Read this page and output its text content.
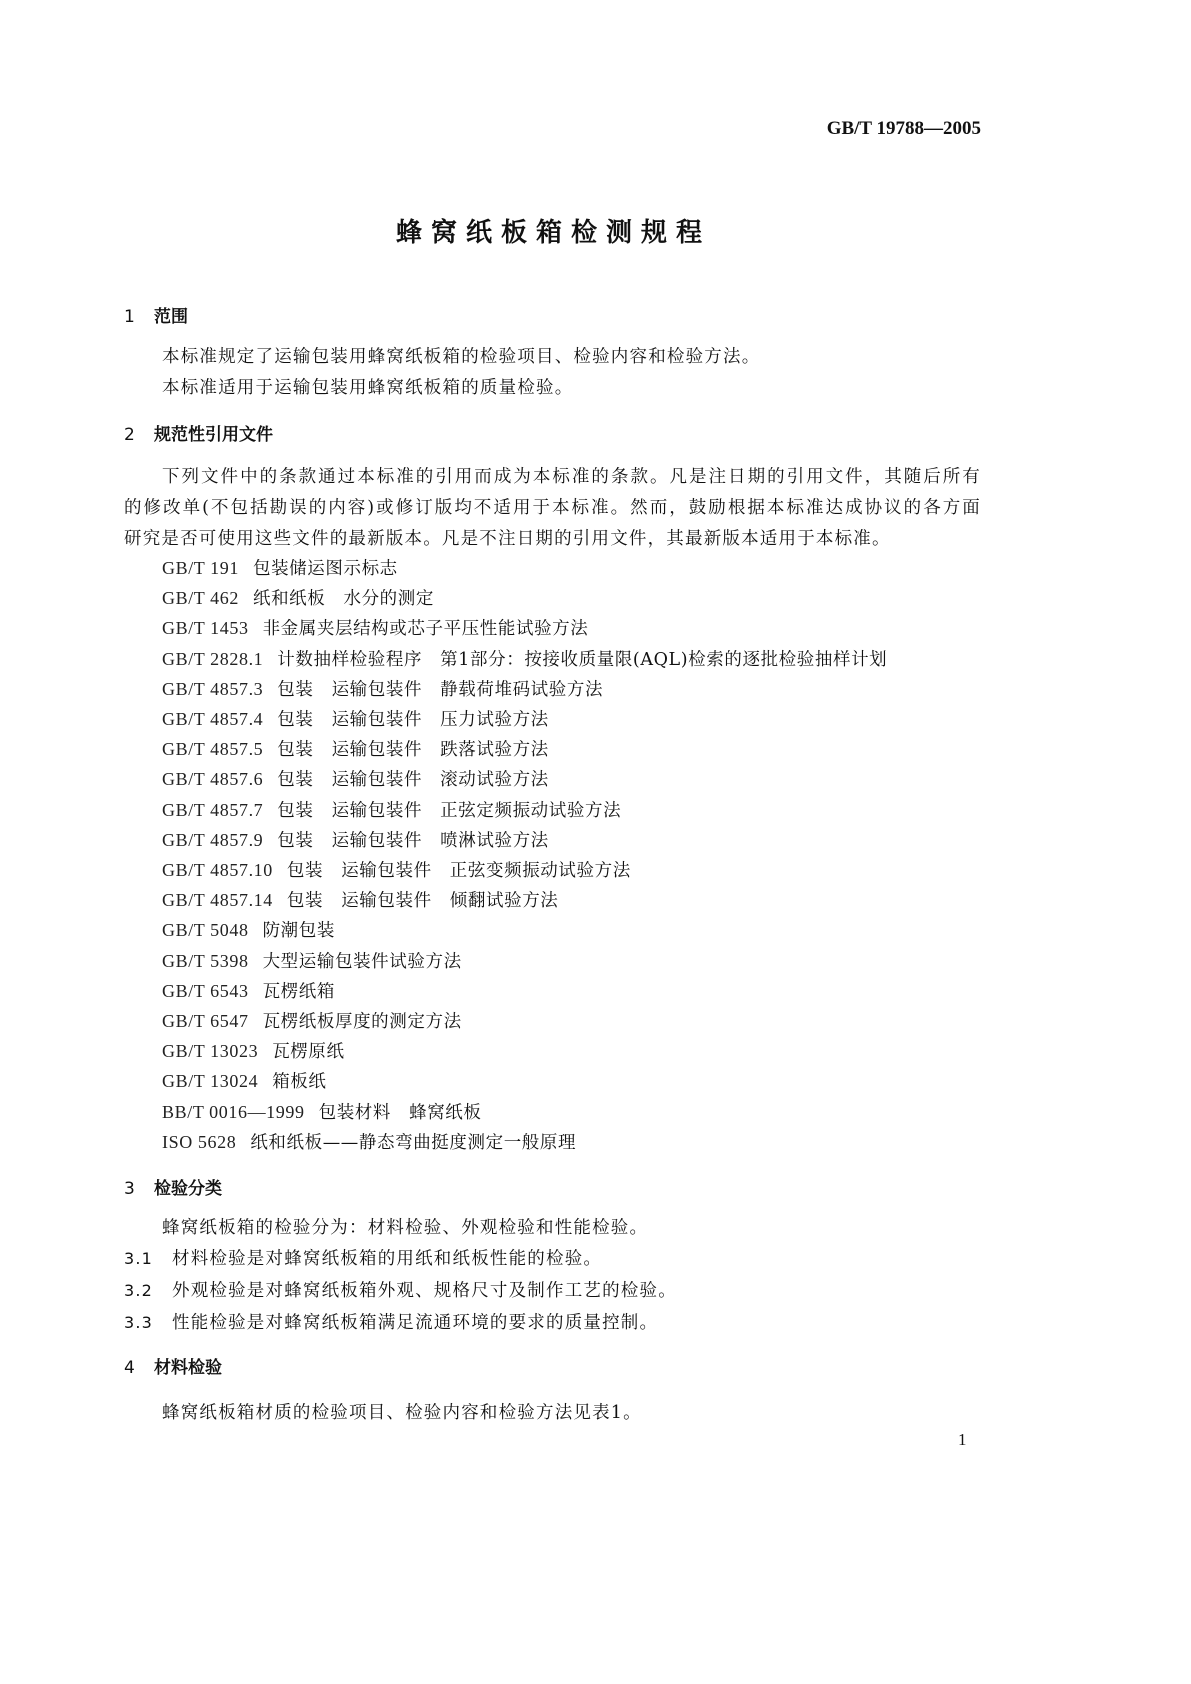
GB/T 19788—2005
蜂窝纸板箱检测规程
1 范围
本标准规定了运输包装用蜂窝纸板箱的检验项目、检验内容和检验方法。
本标准适用于运输包装用蜂窝纸板箱的质量检验。
2 规范性引用文件
下列文件中的条款通过本标准的引用而成为本标准的条款。凡是注日期的引用文件，其随后所有
的修改单(不包括勘误的内容)或修订版均不适用于本标准。然而，鼓励根据本标准达成协议的各方面
研究是否可使用这些文件的最新版本。凡是不注日期的引用文件，其最新版本适用于本标准。
GB/T 191 包装储运图示标志
GB/T 462 纸和纸板　水分的测定
GB/T 1453 非金属夹层结构或芯子平压性能试验方法
GB/T 2828.1 计数抽样检验程序　第1部分：按接收质量限(AQL)检索的逐批检验抽样计划
GB/T 4857.3 包装　运输包装件　静载荷堆码试验方法
GB/T 4857.4 包装　运输包装件　压力试验方法
GB/T 4857.5 包装　运输包装件　跌落试验方法
GB/T 4857.6 包装　运输包装件　滚动试验方法
GB/T 4857.7 包装　运输包装件　正弦定频振动试验方法
GB/T 4857.9 包装　运输包装件　喷淋试验方法
GB/T 4857.10 包装　运输包装件　正弦变频振动试验方法
GB/T 4857.14 包装　运输包装件　倾翻试验方法
GB/T 5048 防潮包装
GB/T 5398 大型运输包装件试验方法
GB/T 6543 瓦楞纸箱
GB/T 6547 瓦楞纸板厚度的测定方法
GB/T 13023 瓦楞原纸
GB/T 13024 箱板纸
BB/T 0016—1999 包装材料　蜂窝纸板
ISO 5628 纸和纸板——静态弯曲挺度测定一般原理
3 检验分类
蜂窝纸板箱的检验分为：材料检验、外观检验和性能检验。
3.1 材料检验是对蜂窝纸板箱的用纸和纸板性能的检验。
3.2 外观检验是对蜂窝纸板箱外观、规格尺寸及制作工艺的检验。
3.3 性能检验是对蜂窝纸板箱满足流通环境的要求的质量控制。
4 材料检验
蜂窝纸板箱材质的检验项目、检验内容和检验方法见表1。
1
